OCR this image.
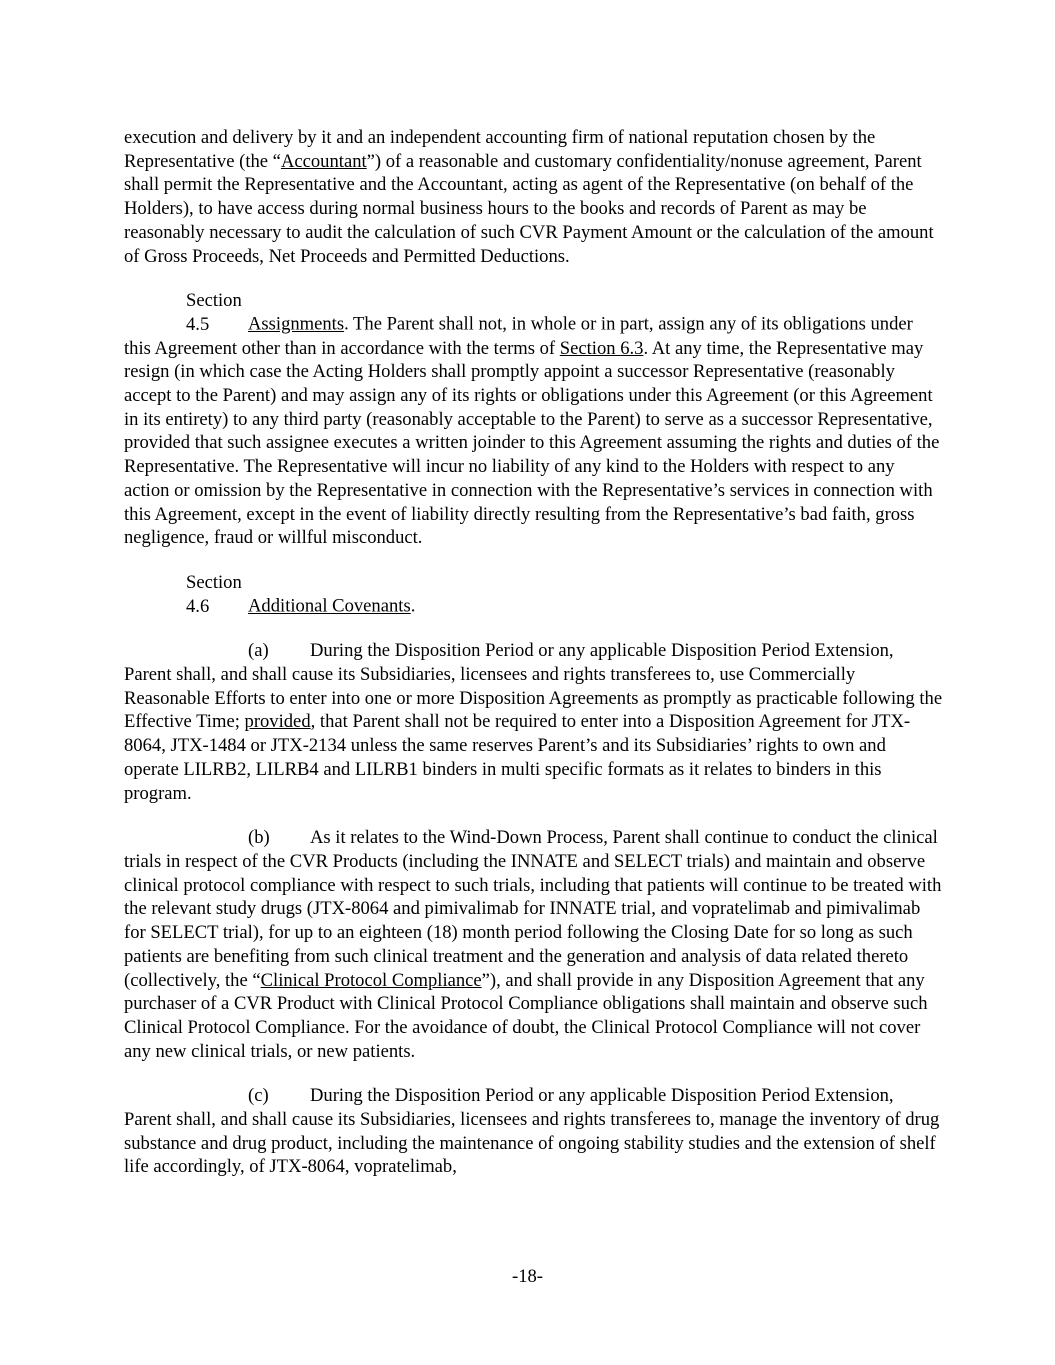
execution and delivery by it and an independent accounting firm of national reputation chosen by the Representative (the “Accountant”) of a reasonable and customary confidentiality/nonuse agreement, Parent shall permit the Representative and the Accountant, acting as agent of the Representative (on behalf of the Holders), to have access during normal business hours to the books and records of Parent as may be reasonably necessary to audit the calculation of such CVR Payment Amount or the calculation of the amount of Gross Proceeds, Net Proceeds and Permitted Deductions.

Section 4.5 Assignments. The Parent shall not, in whole or in part, assign any of its obligations under this Agreement other than in accordance with the terms of Section 6.3. At any time, the Representative may resign (in which case the Acting Holders shall promptly appoint a successor Representative (reasonably accept to the Parent) and may assign any of its rights or obligations under this Agreement (or this Agreement in its entirety) to any third party (reasonably acceptable to the Parent) to serve as a successor Representative, provided that such assignee executes a written joinder to this Agreement assuming the rights and duties of the Representative. The Representative will incur no liability of any kind to the Holders with respect to any action or omission by the Representative in connection with the Representative’s services in connection with this Agreement, except in the event of liability directly resulting from the Representative’s bad faith, gross negligence, fraud or willful misconduct.

Section 4.6 Additional Covenants.

(a) During the Disposition Period or any applicable Disposition Period Extension, Parent shall, and shall cause its Subsidiaries, licensees and rights transferees to, use Commercially Reasonable Efforts to enter into one or more Disposition Agreements as promptly as practicable following the Effective Time; provided, that Parent shall not be required to enter into a Disposition Agreement for JTX-8064, JTX-1484 or JTX-2134 unless the same reserves Parent’s and its Subsidiaries’ rights to own and operate LILRB2, LILRB4 and LILRB1 binders in multi specific formats as it relates to binders in this program.

(b) As it relates to the Wind-Down Process, Parent shall continue to conduct the clinical trials in respect of the CVR Products (including the INNATE and SELECT trials) and maintain and observe clinical protocol compliance with respect to such trials, including that patients will continue to be treated with the relevant study drugs (JTX-8064 and pimivalimab for INNATE trial, and vopratelimab and pimivalimab for SELECT trial), for up to an eighteen (18) month period following the Closing Date for so long as such patients are benefiting from such clinical treatment and the generation and analysis of data related thereto (collectively, the “Clinical Protocol Compliance”), and shall provide in any Disposition Agreement that any purchaser of a CVR Product with Clinical Protocol Compliance obligations shall maintain and observe such Clinical Protocol Compliance. For the avoidance of doubt, the Clinical Protocol Compliance will not cover any new clinical trials, or new patients.

(c) During the Disposition Period or any applicable Disposition Period Extension, Parent shall, and shall cause its Subsidiaries, licensees and rights transferees to, manage the inventory of drug substance and drug product, including the maintenance of ongoing stability studies and the extension of shelf life accordingly, of JTX-8064, vopratelimab,

-18-
